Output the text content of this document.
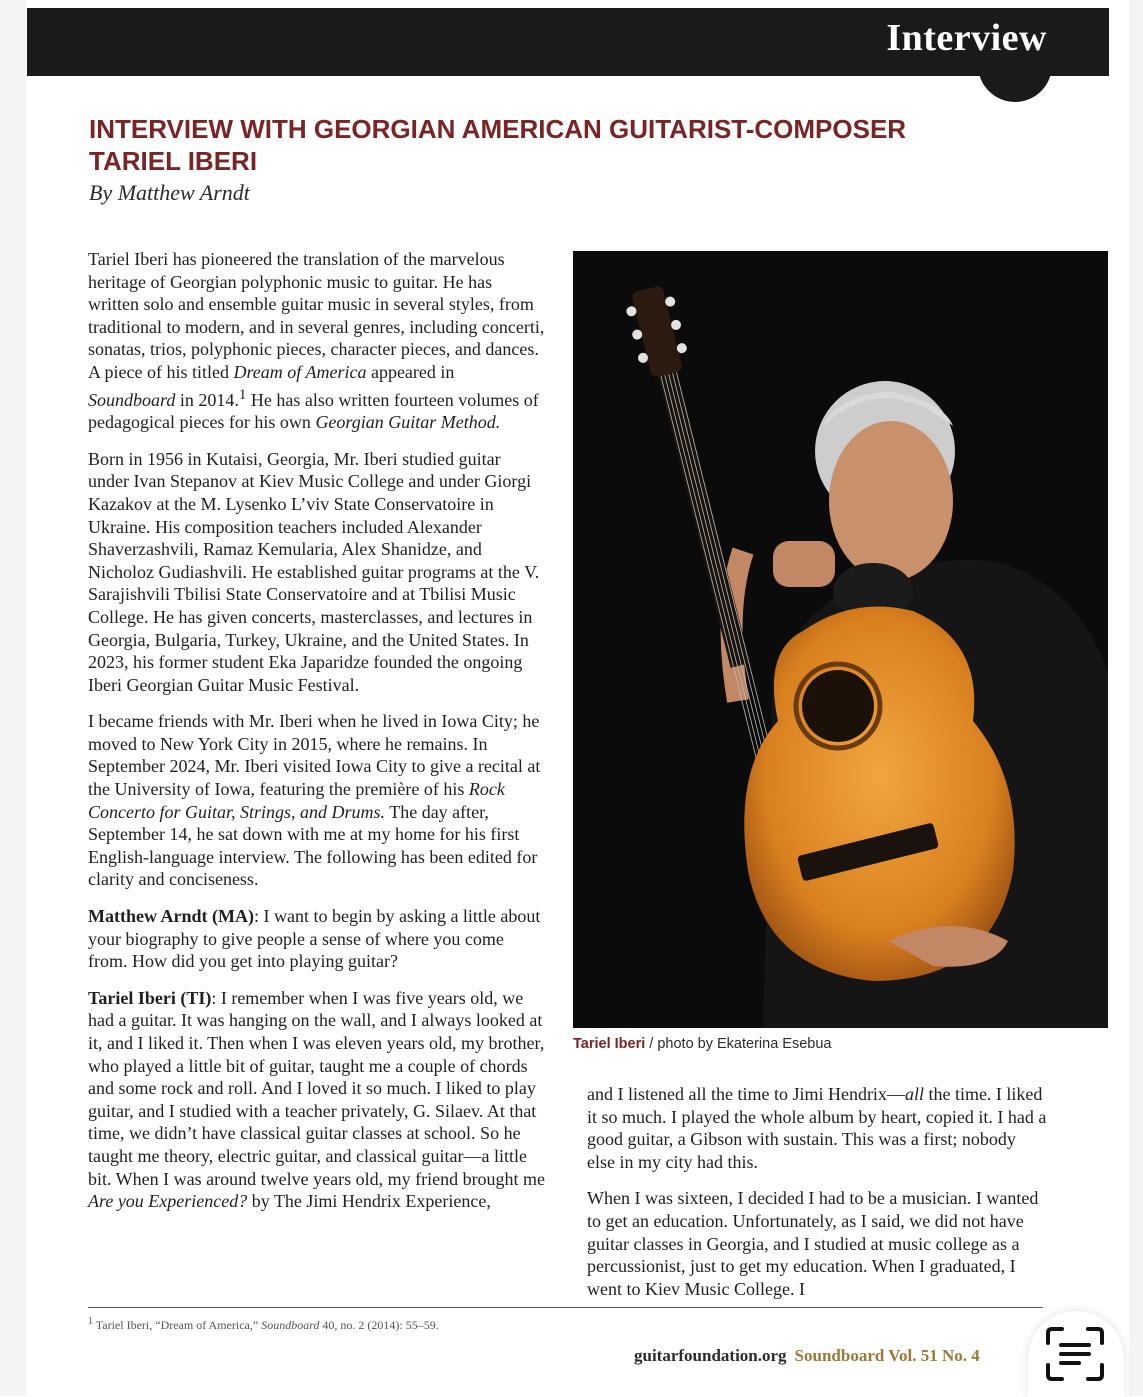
Interview
INTERVIEW WITH GEORGIAN AMERICAN GUITARIST-COMPOSER
TARIEL IBERI
By Matthew Arndt

Tariel Iberi has pioneered the translation of the marvelous heritage of Georgian polyphonic music to guitar. He has written solo and ensemble guitar music in several styles, from traditional to modern, and in several genres, including concerti, sonatas, trios, polyphonic pieces, character pieces, and dances. A piece of his titled Dream of America appeared in Soundboard in 2014.$^1$ He has also written fourteen volumes of pedagogical pieces for his own Georgian Guitar Method.

Born in 1956 in Kutaisi, Georgia, Mr. Iberi studied guitar under Ivan Stepanov at Kiev Music College and under Giorgi Kazakov at the M. Lysenko L’viv State Conservatoire in Ukraine. His composition teachers included Alexander Shaverzashvili, Ramaz Kemularia, Alex Shanidze, and Nicholoz Gudiashvili. He established guitar programs at the V. Sarajishvili Tbilisi State Conservatoire and at Tbilisi Music College. He has given concerts, masterclasses, and lectures in Georgia, Bulgaria, Turkey, Ukraine, and the United States. In 2023, his former student Eka Japaridze founded the ongoing Iberi Georgian Guitar Music Festival.

I became friends with Mr. Iberi when he lived in Iowa City; he moved to New York City in 2015, where he remains. In September 2024, Mr. Iberi visited Iowa City to give a recital at the University of Iowa, featuring the première of his Rock Concerto for Guitar, Strings, and Drums. The day after, September 14, he sat down with me at my home for his first English-language interview. The following has been edited for clarity and conciseness.

Matthew Arndt (MA): I want to begin by asking a little about your biography to give people a sense of where you come from. How did you get into playing guitar?

Tariel Iberi (TI): I remember when I was five years old, we had a guitar. It was hanging on the wall, and I always looked at it, and I liked it. Then when I was eleven years old, my brother, who played a little bit of guitar, taught me a couple of chords and some rock and roll. And I loved it so much. I liked to play guitar, and I studied with a teacher privately, G. Silaev. At that time, we didn’t have classical guitar classes at school. So he taught me theory, electric guitar, and classical guitar—a little bit. When I was around twelve years old, my friend brought me Are you Experienced? by The Jimi Hendrix Experience,

Tariel Iberi / photo by Ekaterina Esebua

and I listened all the time to Jimi Hendrix—all the time. I liked it so much. I played the whole album by heart, copied it. I had a good guitar, a Gibson with sustain. This was a first; nobody else in my city had this.

When I was sixteen, I decided I had to be a musician. I wanted to get an education. Unfortunately, as I said, we did not have guitar classes in Georgia, and I studied at music college as a percussionist, just to get my education. When I graduated, I went to Kiev Music College. I

$^1$ Tariel Iberi, “Dream of America,” Soundboard 40, no. 2 (2014): 55–59.
guitarfoundation.org Soundboard Vol. 51 No. 4
